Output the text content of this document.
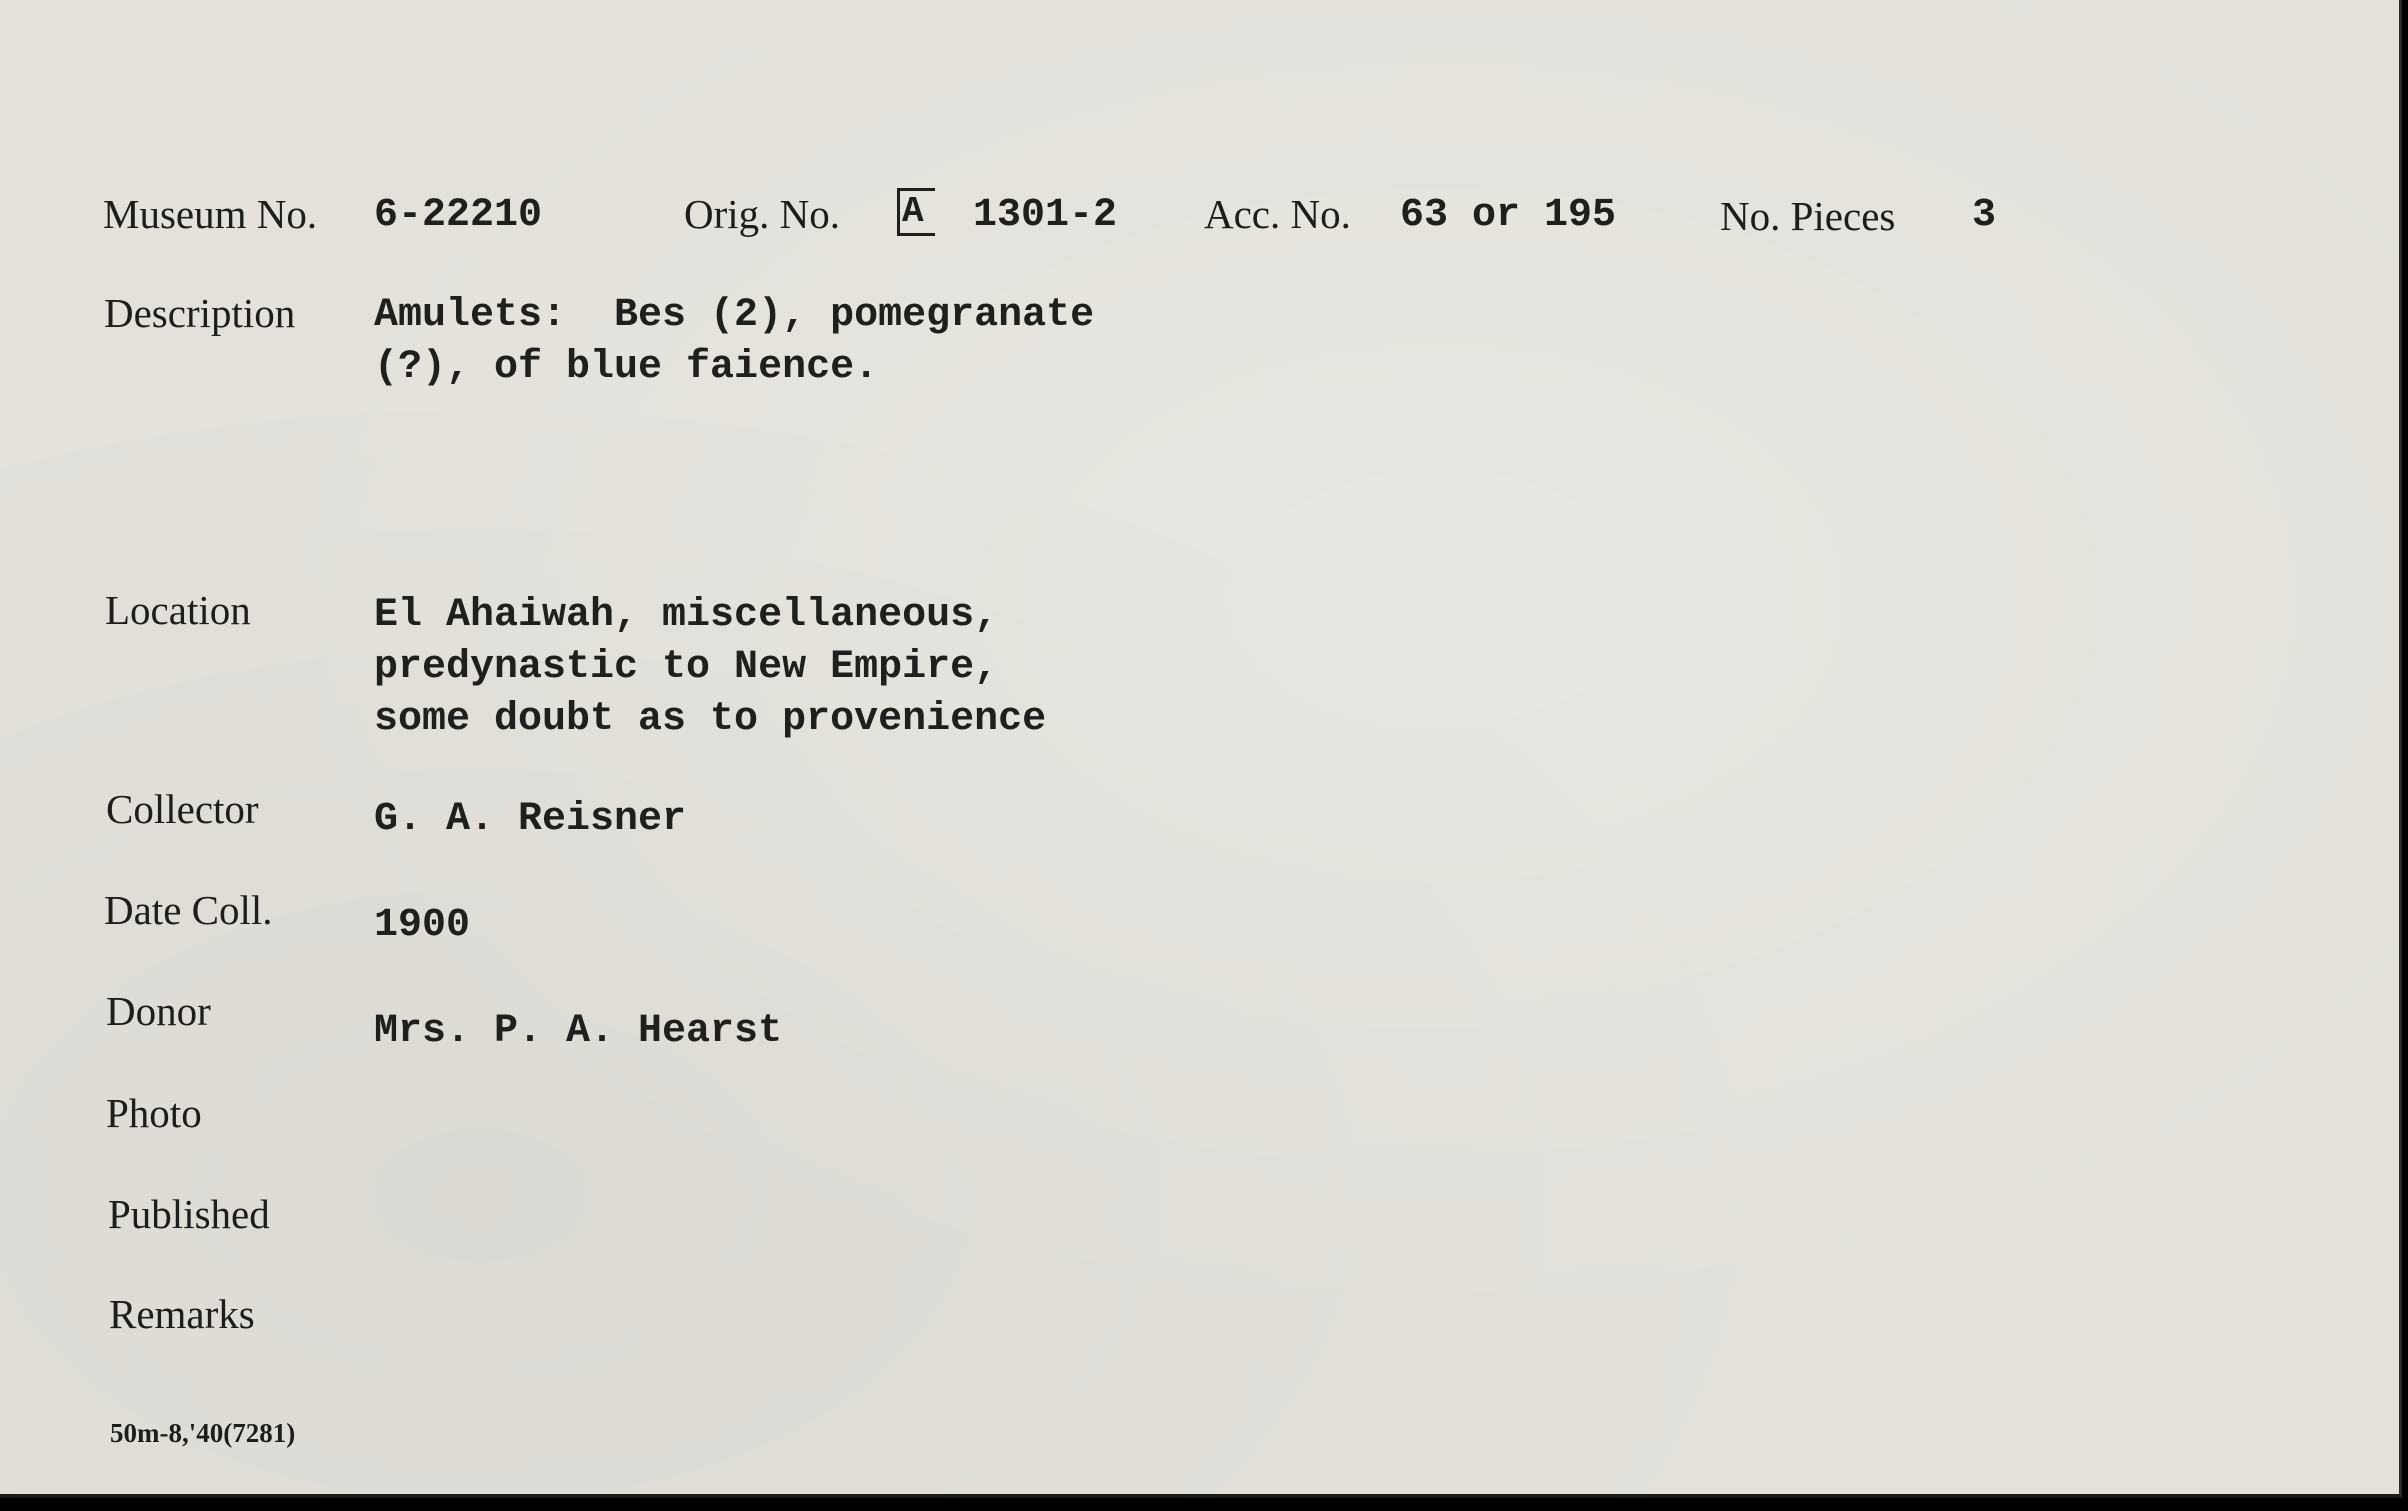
Museum No. 6-22210	Orig. No. A 1301-2 Acc. No. 63 or 195	No. Pieces 3
Description Amulets:  Bes (2), pomegranate
(?), of blue faience.
Location	El Ahaiwah, miscellaneous,
predynastic to New Empire,
some doubt as to provenience
Collector	G. A. Reisner
Date Coll.	1900
Donor	Mrs. P. A. Hearst
Photo
Published
Remarks
50m-8,'40(7281)
